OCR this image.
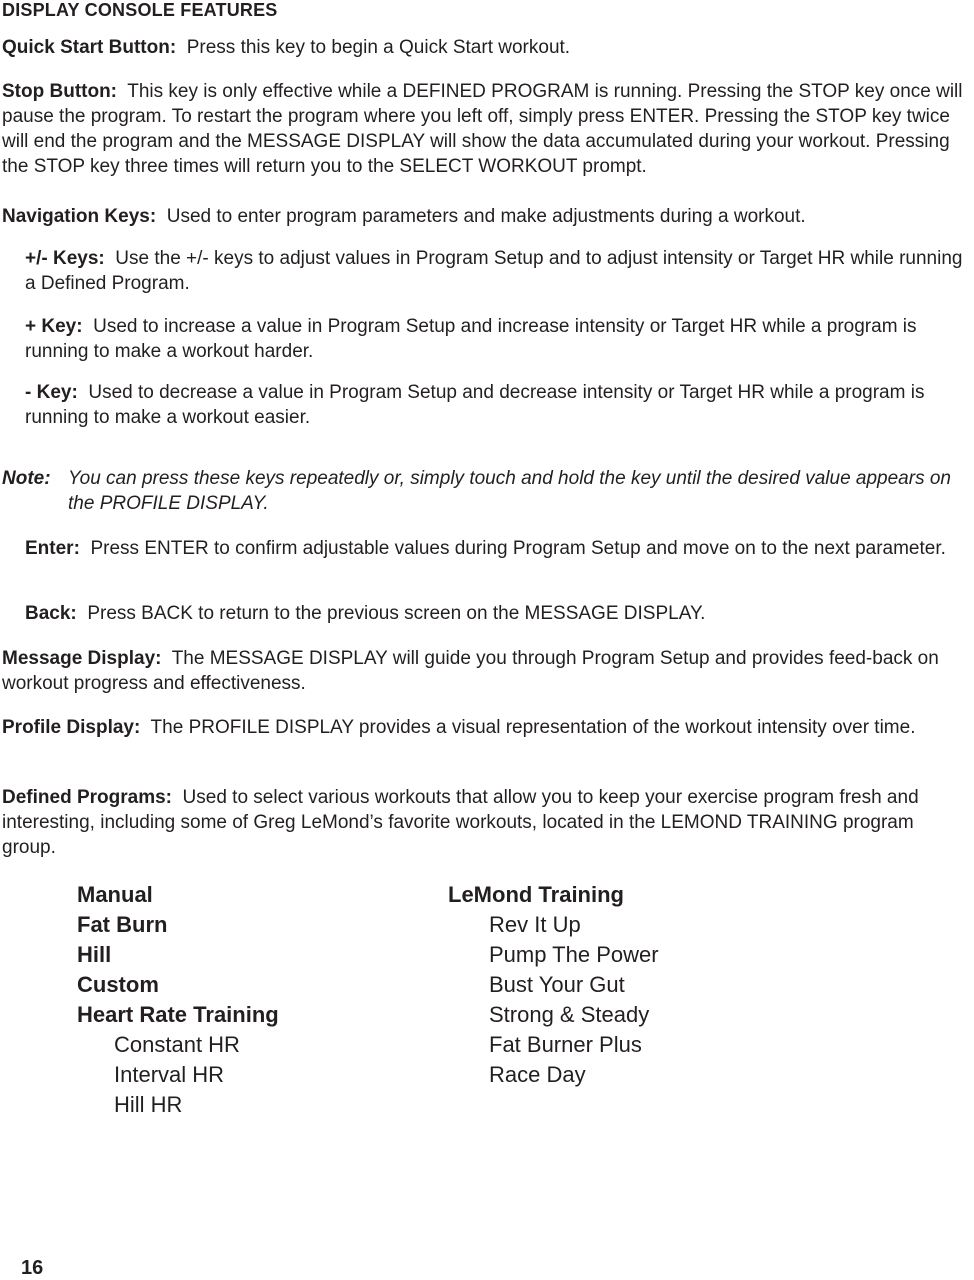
DISPLAY CONSOLE FEATURES

Quick Start Button: Press this key to begin a Quick Start workout.

Stop Button: This key is only effective while a DEFINED PROGRAM is running. Pressing the STOP key once will pause the program. To restart the program where you left off, simply press ENTER. Pressing the STOP key twice will end the program and the MESSAGE DISPLAY will show the data accumulated during your workout. Pressing the STOP key three times will return you to the SELECT WORKOUT prompt.

Navigation Keys: Used to enter program parameters and make adjustments during a workout.

+/- Keys: Use the +/- keys to adjust values in Program Setup and to adjust intensity or Target HR while running a Defined Program.

+ Key: Used to increase a value in Program Setup and increase intensity or Target HR while a program is running to make a workout harder.

- Key: Used to decrease a value in Program Setup and decrease intensity or Target HR while a program is running to make a workout easier.

Note: You can press these keys repeatedly or, simply touch and hold the key until the desired value appears on the PROFILE DISPLAY.

Enter: Press ENTER to confirm adjustable values during Program Setup and move on to the next parameter.

Back: Press BACK to return to the previous screen on the MESSAGE DISPLAY.

Message Display: The MESSAGE DISPLAY will guide you through Program Setup and provides feed-back on workout progress and effectiveness.

Profile Display: The PROFILE DISPLAY provides a visual representation of the workout intensity over time.

Defined Programs: Used to select various workouts that allow you to keep your exercise program fresh and interesting, including some of Greg LeMond’s favorite workouts, located in the LEMOND TRAINING program group.

Manual
Fat Burn
Hill
Custom
Heart Rate Training
Constant HR
Interval HR
Hill HR
LeMond Training
Rev It Up
Pump The Power
Bust Your Gut
Strong & Steady
Fat Burner Plus
Race Day
16
